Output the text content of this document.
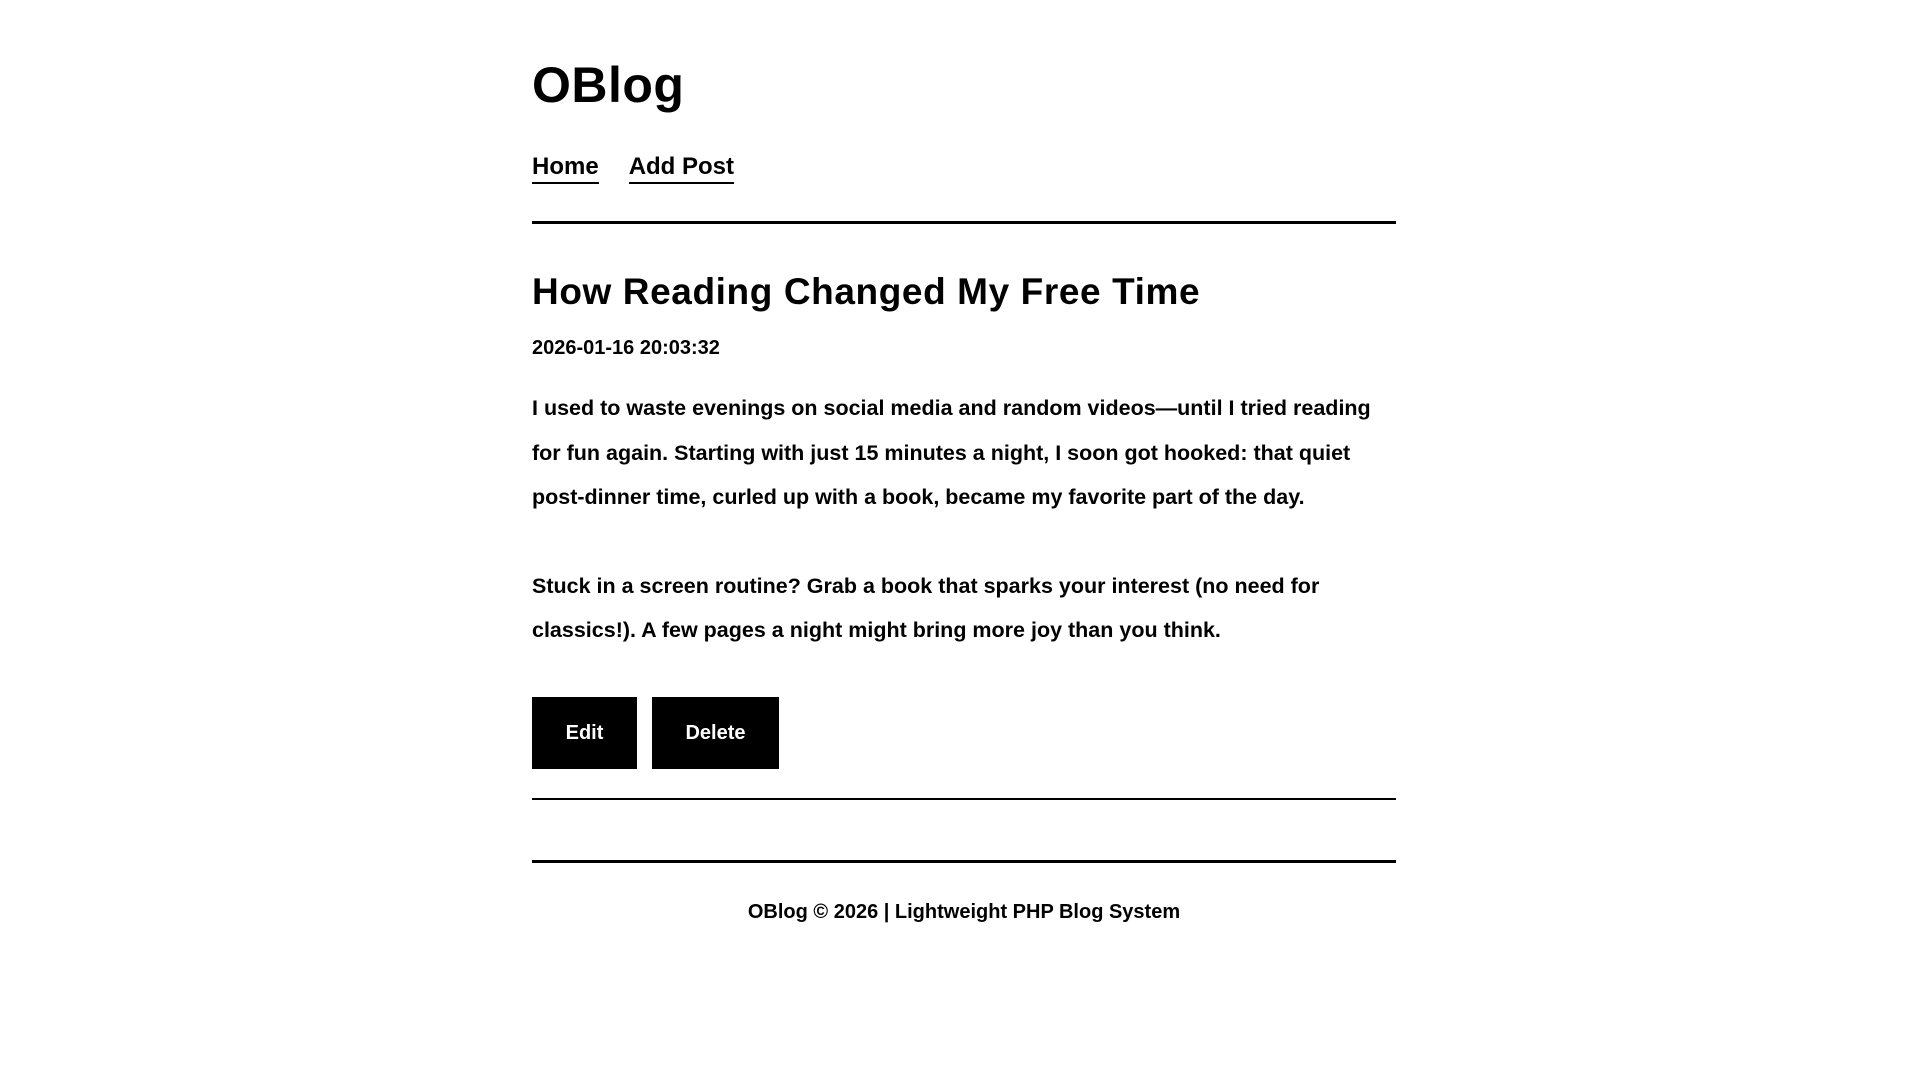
OBlog
Home Add Post
How Reading Changed My Free Time
2026-01-16 20:03:32

I used to waste evenings on social media and random videos—until I tried reading for fun again. Starting with just 15 minutes a night, I soon got hooked: that quiet post-dinner time, curled up with a book, became my favorite part of the day.

Stuck in a screen routine? Grab a book that sparks your interest (no need for classics!). A few pages a night might bring more joy than you think.

Edit	Delete
OBlog © 2026 | Lightweight PHP Blog System
